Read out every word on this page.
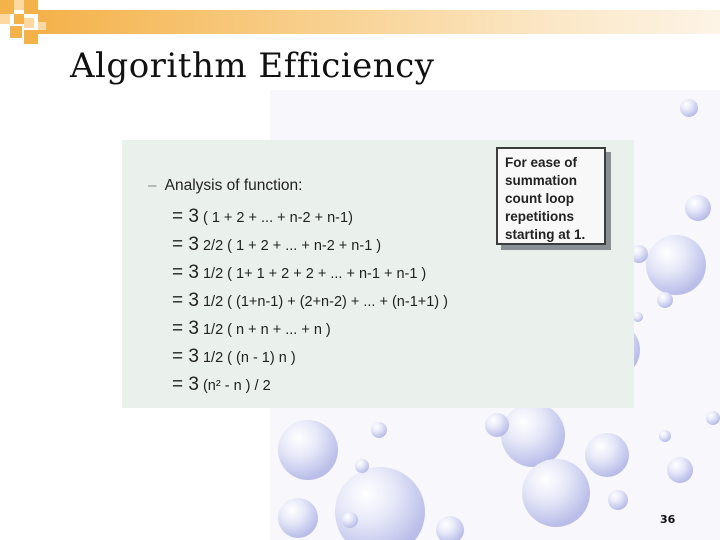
Algorithm Efficiency
– Analysis of function:
= 3 ( 1 + 2 + ... + n-2 + n-1)
= 3 2/2 ( 1 + 2 + ... + n-2 + n-1 )
= 3 1/2 ( 1+ 1 + 2 + 2 + ... + n-1 + n-1 )
= 3 1/2 ( (1+n-1) + (2+n-2) + ... + (n-1+1) )
= 3 1/2 ( n + n + ... + n )
= 3 1/2 ( (n - 1) n )
= 3 (n² - n ) / 2
For ease of
summation
count loop
repetitions
starting at 1.
36
